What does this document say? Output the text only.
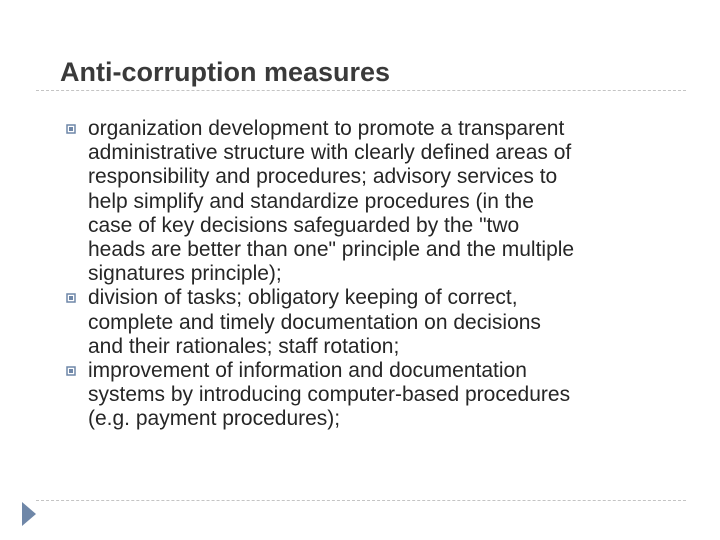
Anti-corruption measures
organization development to promote a transparent
administrative structure with clearly defined areas of
responsibility and procedures; advisory services to
help simplify and standardize procedures (in the
case of key decisions safeguarded by the "two
heads are better than one" principle and the multiple
signatures principle);
division of tasks; obligatory keeping of correct,
complete and timely documentation on decisions
and their rationales; staff rotation;
improvement of information and documentation
systems by introducing computer-based procedures
(e.g. payment procedures);
